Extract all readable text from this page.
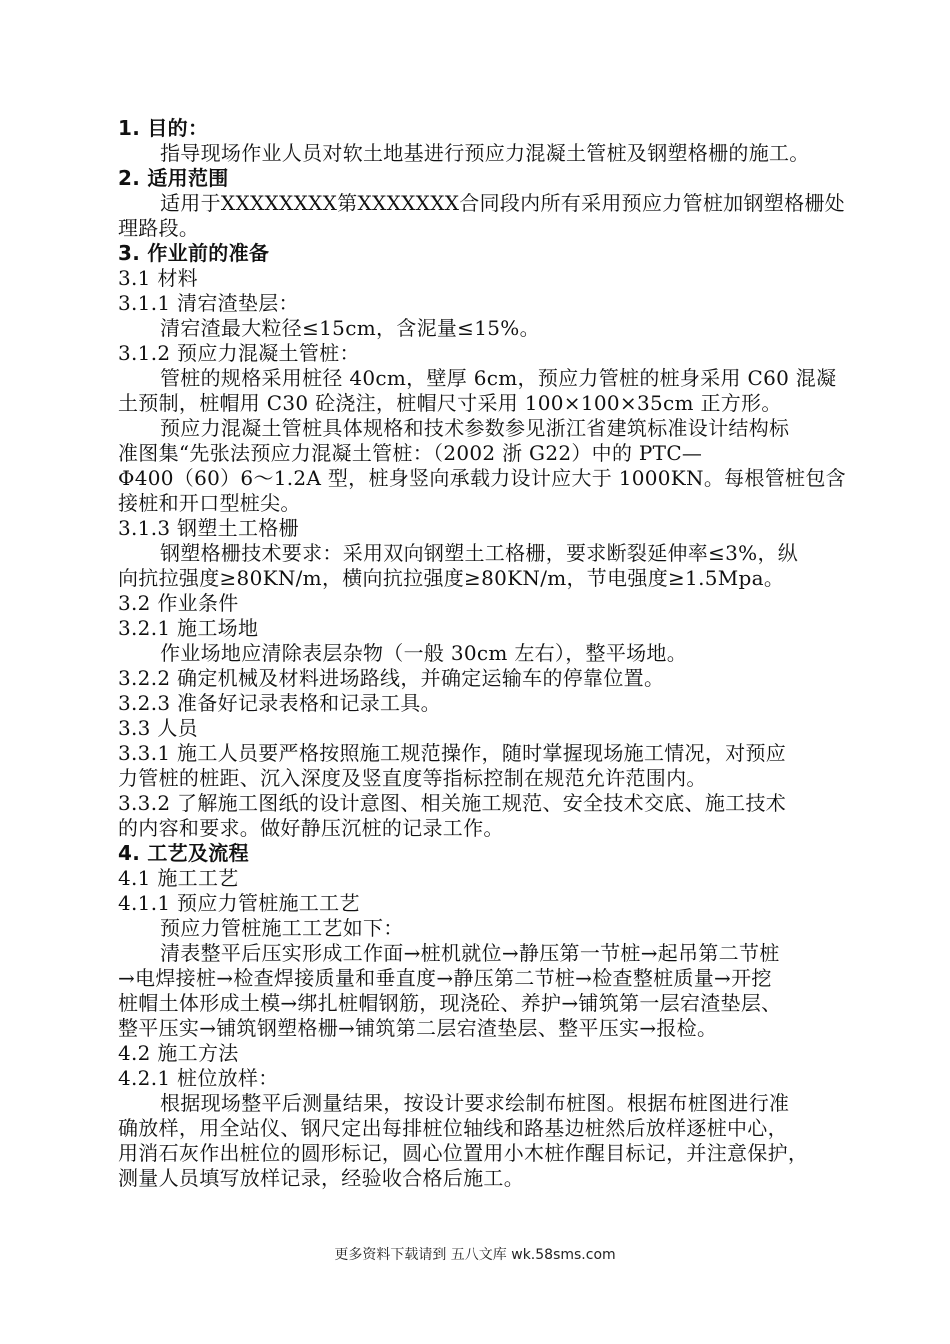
1. 目的：
指导现场作业人员对软土地基进行预应力混凝土管桩及钢塑格栅的施工。
2. 适用范围
适用于XXXXXXXX第XXXXXXX合同段内所有采用预应力管桩加钢塑格栅处
理路段。
3. 作业前的准备
3.1 材料
3.1.1 清宕渣垫层：
清宕渣最大粒径≤15cm，含泥量≤15%。
3.1.2 预应力混凝土管桩：
管桩的规格采用桩径 40cm，壁厚 6cm，预应力管桩的桩身采用 C60 混凝
土预制，桩帽用 C30 砼浇注，桩帽尺寸采用 100×100×35cm 正方形。
预应力混凝土管桩具体规格和技术参数参见浙江省建筑标准设计结构标
准图集“先张法预应力混凝土管桩：（2002 浙 G22）中的 PTC—
Φ400（60）6～1.2A 型，桩身竖向承载力设计应大于 1000KN。每根管桩包含
接桩和开口型桩尖。
3.1.3 钢塑土工格栅
钢塑格栅技术要求：采用双向钢塑土工格栅，要求断裂延伸率≤3%，纵
向抗拉强度≥80KN/m，横向抗拉强度≥80KN/m，节电强度≥1.5Mpa。
3.2 作业条件
3.2.1 施工场地
作业场地应清除表层杂物（一般 30cm 左右），整平场地。
3.2.2 确定机械及材料进场路线，并确定运输车的停靠位置。
3.2.3 准备好记录表格和记录工具。
3.3 人员
3.3.1 施工人员要严格按照施工规范操作，随时掌握现场施工情况，对预应
力管桩的桩距、沉入深度及竖直度等指标控制在规范允许范围内。
3.3.2 了解施工图纸的设计意图、相关施工规范、安全技术交底、施工技术
的内容和要求。做好静压沉桩的记录工作。
4. 工艺及流程
4.1 施工工艺
4.1.1 预应力管桩施工工艺
预应力管桩施工工艺如下：
清表整平后压实形成工作面→桩机就位→静压第一节桩→起吊第二节桩
→电焊接桩→检查焊接质量和垂直度→静压第二节桩→检查整桩质量→开挖
桩帽土体形成土模→绑扎桩帽钢筋，现浇砼、养护→铺筑第一层宕渣垫层、
整平压实→铺筑钢塑格栅→铺筑第二层宕渣垫层、整平压实→报检。
4.2 施工方法
4.2.1 桩位放样：
根据现场整平后测量结果，按设计要求绘制布桩图。根据布桩图进行准
确放样，用全站仪、钢尺定出每排桩位轴线和路基边桩然后放样逐桩中心，
用消石灰作出桩位的圆形标记，圆心位置用小木桩作醒目标记，并注意保护，
测量人员填写放样记录，经验收合格后施工。
更多资料下载请到 五八文库 wk.58sms.com
